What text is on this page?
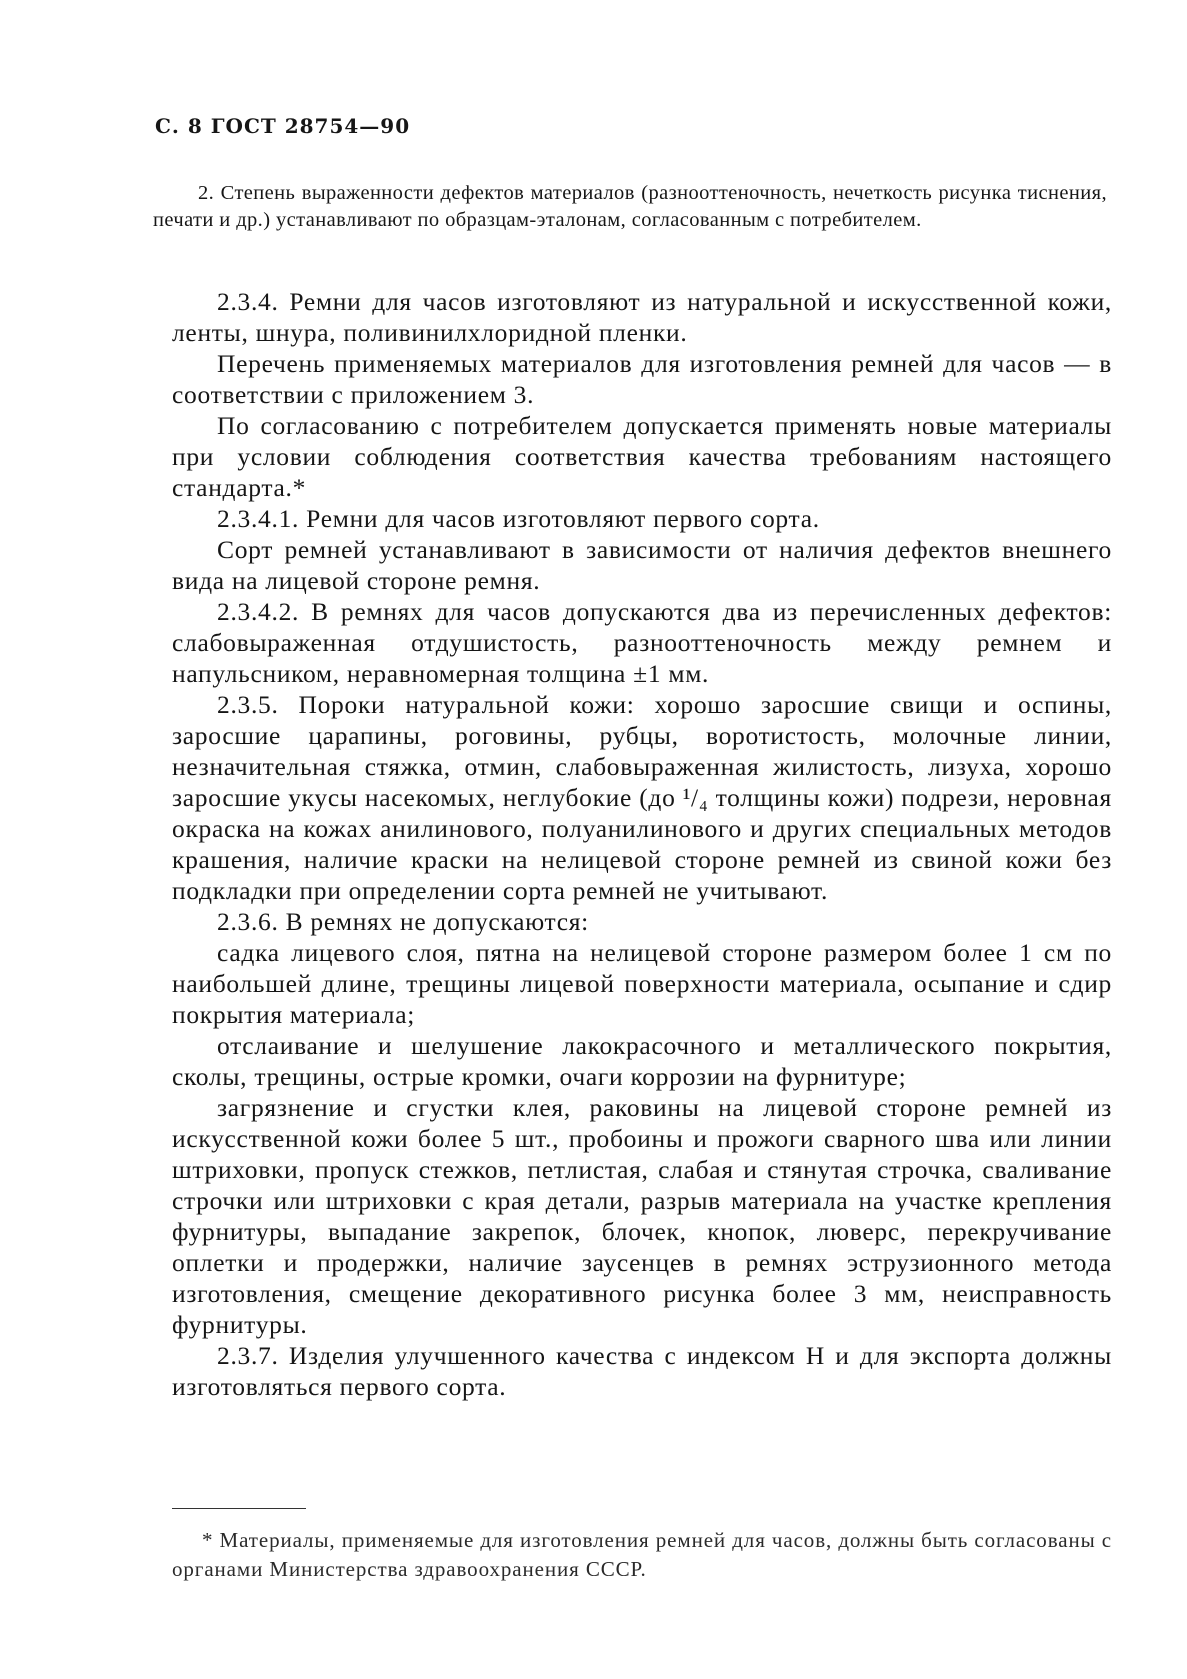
С. 8 ГОСТ 28754—90

2. Степень выраженности дефектов материалов (разнооттеночность, нечеткость рисунка тиснения, печати и др.) устанавливают по образцам-эталонам, согласованным с потребителем.

2.3.4. Ремни для часов изготовляют из натуральной и искусственной кожи, ленты, шнура, поливинилхлоридной пленки.

Перечень применяемых материалов для изготовления ремней для часов — в соответствии с приложением 3.

По согласованию с потребителем допускается применять новые материалы при условии соблюдения соответствия качества требованиям настоящего стандарта.*

2.3.4.1. Ремни для часов изготовляют первого сорта.

Сорт ремней устанавливают в зависимости от наличия дефектов внешнего вида на лицевой стороне ремня.

2.3.4.2. В ремнях для часов допускаются два из перечисленных дефектов: слабовыраженная отдушистость, разнооттеночность между ремнем и напульсником, неравномерная толщина ±1 мм.

2.3.5. Пороки натуральной кожи: хорошо заросшие свищи и оспины, заросшие царапины, роговины, рубцы, воротистость, молочные линии, незначительная стяжка, отмин, слабовыраженная жилистость, лизуха, хорошо заросшие укусы насекомых, неглубокие (до ¹/₄ толщины кожи) подрези, неровная окраска на кожах анилинового, полуанилинового и других специальных методов крашения, наличие краски на нелицевой стороне ремней из свиной кожи без подкладки при определении сорта ремней не учитывают.

2.3.6. В ремнях не допускаются:

садка лицевого слоя, пятна на нелицевой стороне размером более 1 см по наибольшей длине, трещины лицевой поверхности материала, осыпание и сдир покрытия материала;

отслаивание и шелушение лакокрасочного и металлического покрытия, сколы, трещины, острые кромки, очаги коррозии на фурнитуре;

загрязнение и сгустки клея, раковины на лицевой стороне ремней из искусственной кожи более 5 шт., пробоины и прожоги сварного шва или линии штриховки, пропуск стежков, петлистая, слабая и стянутая строчка, сваливание строчки или штриховки с края детали, разрыв материала на участке крепления фурнитуры, выпадание закрепок, блочек, кнопок, люверс, перекручивание оплетки и продержки, наличие заусенцев в ремнях эструзионного метода изготовления, смещение декоративного рисунка более 3 мм, неисправность фурнитуры.

2.3.7. Изделия улучшенного качества с индексом Н и для экспорта должны изготовляться первого сорта.

* Материалы, применяемые для изготовления ремней для часов, должны быть согласованы с органами Министерства здравоохранения СССР.
